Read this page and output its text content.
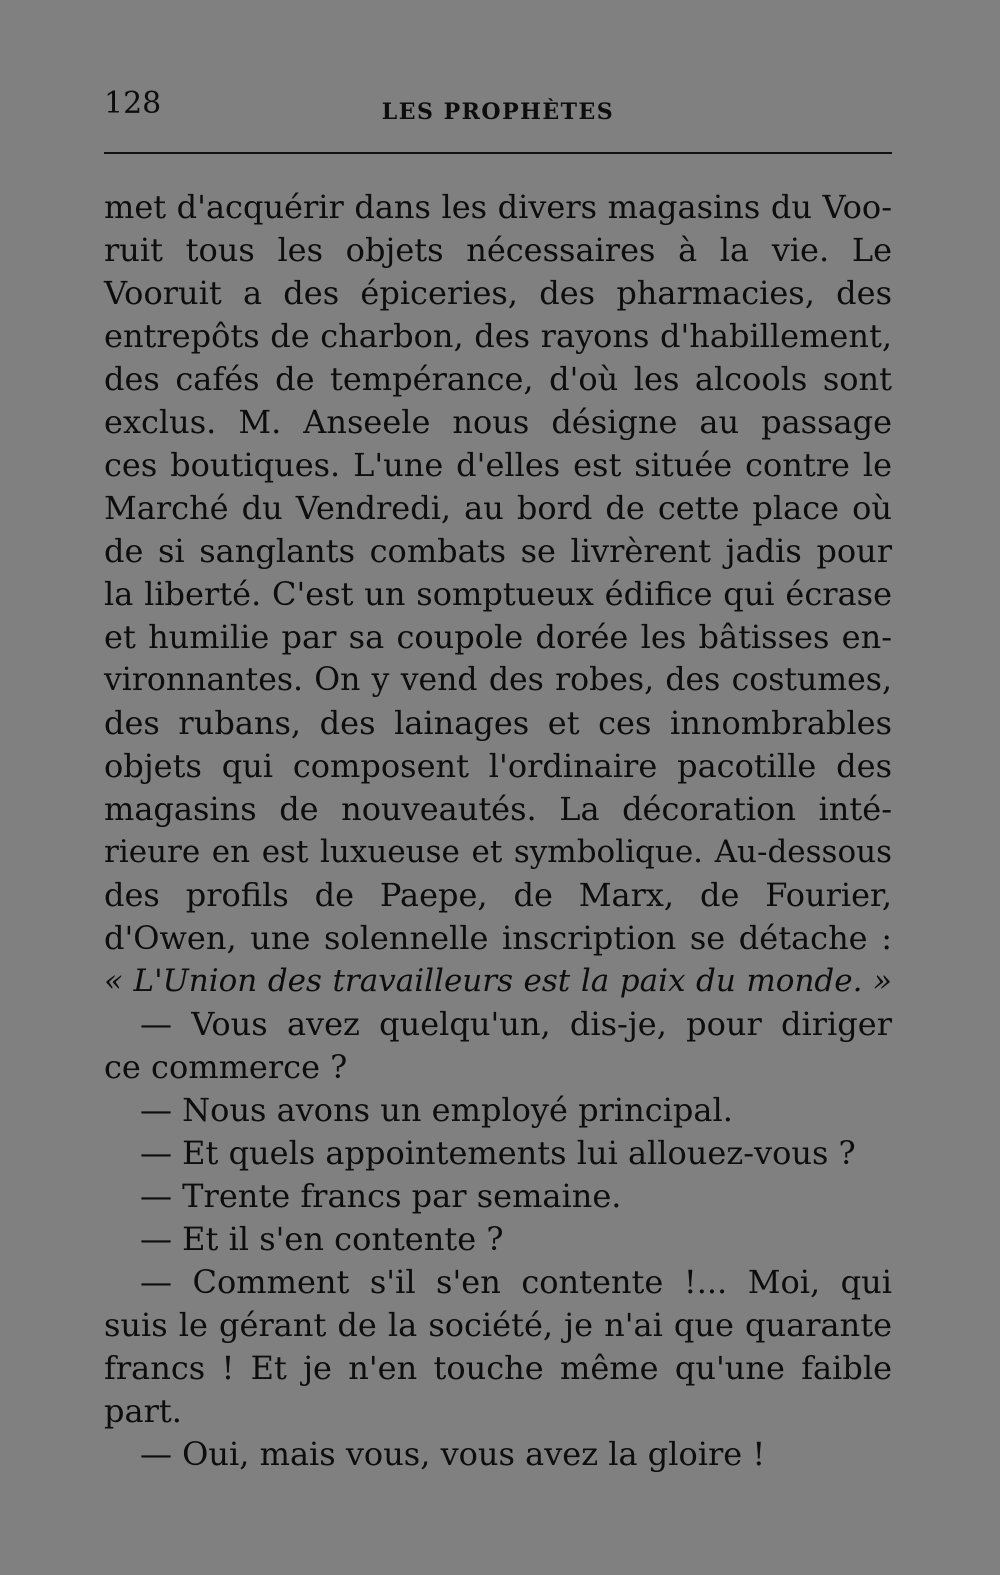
128	LES PROPHÈTES
met d'acquérir dans les divers magasins du Voo-
ruit tous les objets nécessaires à la vie. Le
Vooruit a des épiceries, des pharmacies, des
entrepôts de charbon, des rayons d'habillement,
des cafés de tempérance, d'où les alcools sont
exclus. M. Anseele nous désigne au passage
ces boutiques. L'une d'elles est située contre le
Marché du Vendredi, au bord de cette place où
de si sanglants combats se livrèrent jadis pour
la liberté. C'est un somptueux édifice qui écrase
et humilie par sa coupole dorée les bâtisses en-
vironnantes. On y vend des robes, des costumes,
des rubans, des lainages et ces innombrables
objets qui composent l'ordinaire pacotille des
magasins de nouveautés. La décoration inté-
rieure en est luxueuse et symbolique. Au-dessous
des profils de Paepe, de Marx, de Fourier,
d'Owen, une solennelle inscription se détache :
« L'Union des travailleurs est la paix du monde. »
— Vous avez quelqu'un, dis-je, pour diriger
ce commerce ?
— Nous avons un employé principal.
— Et quels appointements lui allouez-vous ?
— Trente francs par semaine.
— Et il s'en contente ?
— Comment s'il s'en contente !... Moi, qui
suis le gérant de la société, je n'ai que quarante
francs ! Et je n'en touche même qu'une faible
part.
— Oui, mais vous, vous avez la gloire !
